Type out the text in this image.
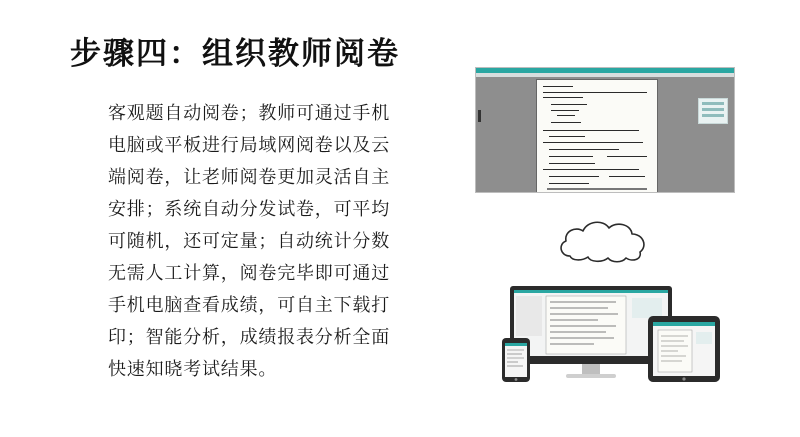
步骤四：组织教师阅卷
客观题自动阅卷；教师可通过手机
电脑或平板进行局域网阅卷以及云
端阅卷，让老师阅卷更加灵活自主
安排；系统自动分发试卷，可平均
可随机，还可定量；自动统计分数
无需人工计算，阅卷完毕即可通过
手机电脑查看成绩，可自主下载打
印；智能分析，成绩报表分析全面
快速知晓考试结果。
